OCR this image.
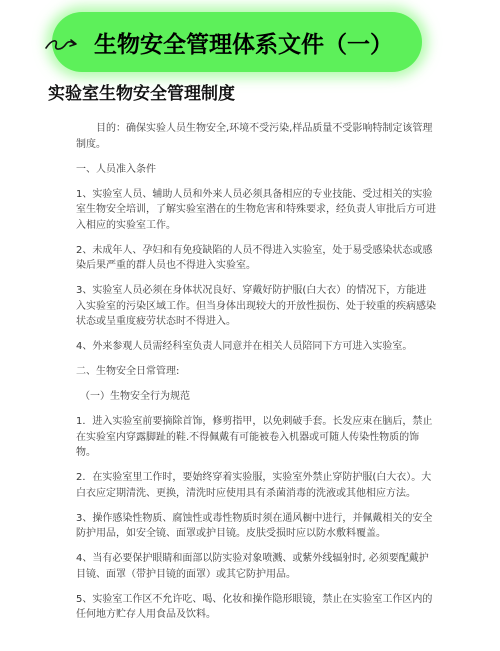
生物安全管理体系文件（一）
实验室生物安全管理制度

目的：确保实验人员生物安全,环境不受污染,样品质量不受影响特制定该管理制度。

一、人员准入条件

1、实验室人员、辅助人员和外来人员必须具备相应的专业技能、受过相关的实验室生物安全培训，了解实验室潜在的生物危害和特殊要求，经负责人审批后方可进入相应的实验室工作。

2、未成年人、孕妇和有免疫缺陷的人员不得进入实验室，处于易受感染状态或感染后果严重的群人员也不得进入实验室。

3、实验室人员必须在身体状况良好、穿戴好防护服(白大衣）的情况下，方能进入实验室的污染区域工作。但当身体出现较大的开放性损伤、处于较重的疾病感染状态或呈重度疲劳状态时不得进入。

4、外来参观人员需经科室负责人同意并在相关人员陪同下方可进入实验室。

二、生物安全日常管理:

（一）生物安全行为规范

1．进入实验室前要摘除首饰，修剪指甲，以免刺破手套。长发应束在脑后，禁止在实验室内穿露脚趾的鞋.不得佩戴有可能被卷入机器或可随人传染性物质的饰物。

2．在实验室里工作时，要始终穿着实验服，实验室外禁止穿防护服(白大衣）。大白衣应定期清洗、更换，清洗时应使用具有杀菌消毒的洗液或其他相应方法。

3、操作感染性物质、腐蚀性或毒性物质时须在通风橱中进行，并佩戴相关的安全防护用品，如安全镜、面罩或护目镜。皮肤受损时应以防水敷料覆盖。

4、当有必要保护眼睛和面部以防实验对象喷溅、或紫外线辐射时, 必须要配戴护目镜、面罩（带护目镜的面罩）或其它防护用品。

5、实验室工作区不允许吃、喝、化妆和操作隐形眼镜，禁止在实验室工作区内的任何地方贮存人用食品及饮料。
